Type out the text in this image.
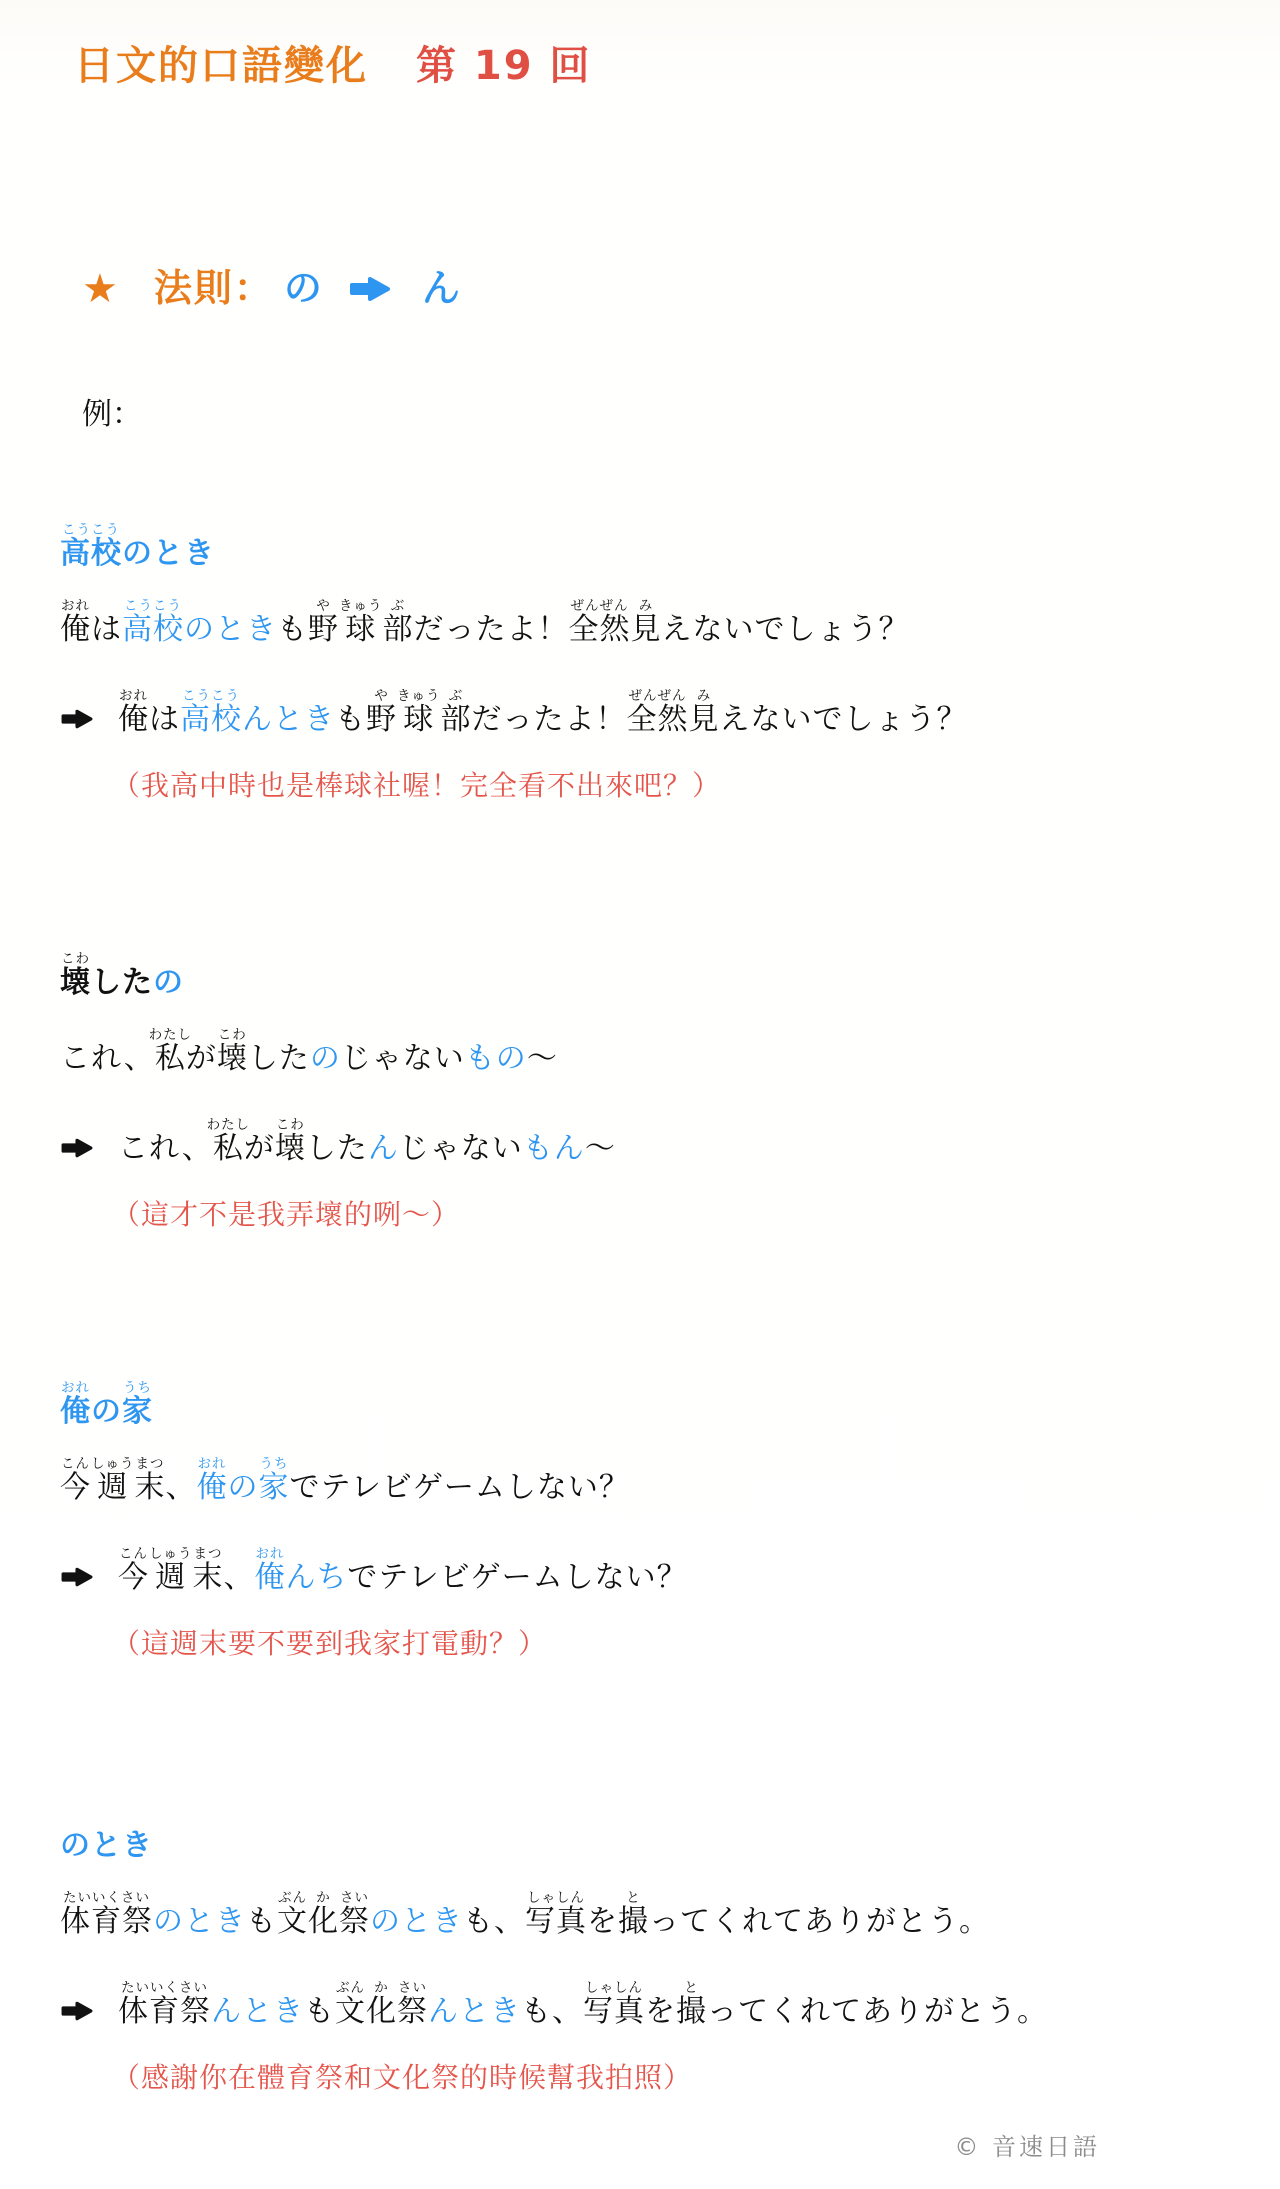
日文的口語變化 第 19 回
★ 法則： の	ん
例：
高校こうこうのとき
俺おれは高校こうこうのときも野や球きゅう部ぶだったよ！全然ぜんぜん見みえないでしょう？
俺おれは高校こうこうんときも野や球きゅう部ぶだったよ！全然ぜんぜん見みえないでしょう？
（我高中時也是棒球社喔！完全看不出來吧？）
壊こわしたの
これ、私わたしが壊こわしたのじゃないもの〜
これ、私わたしが壊こわしたんじゃないもん〜
（這才不是我弄壞的咧〜）
俺おれの家うち
今こん週しゅう末まつ、俺おれの家うちでテレビゲームしない？
今こん週しゅう末まつ、俺おれんちでテレビゲームしない？
（這週末要不要到我家打電動？）
のとき
体育祭たいいくさいのときも文ぶん化か祭さいのときも、写真しゃしんを撮とってくれてありがとう。
体育祭たいいくさいんときも文ぶん化か祭さいんときも、写真しゃしんを撮とってくれてありがとう。
（感謝你在體育祭和文化祭的時候幫我拍照）
© 音速日語
